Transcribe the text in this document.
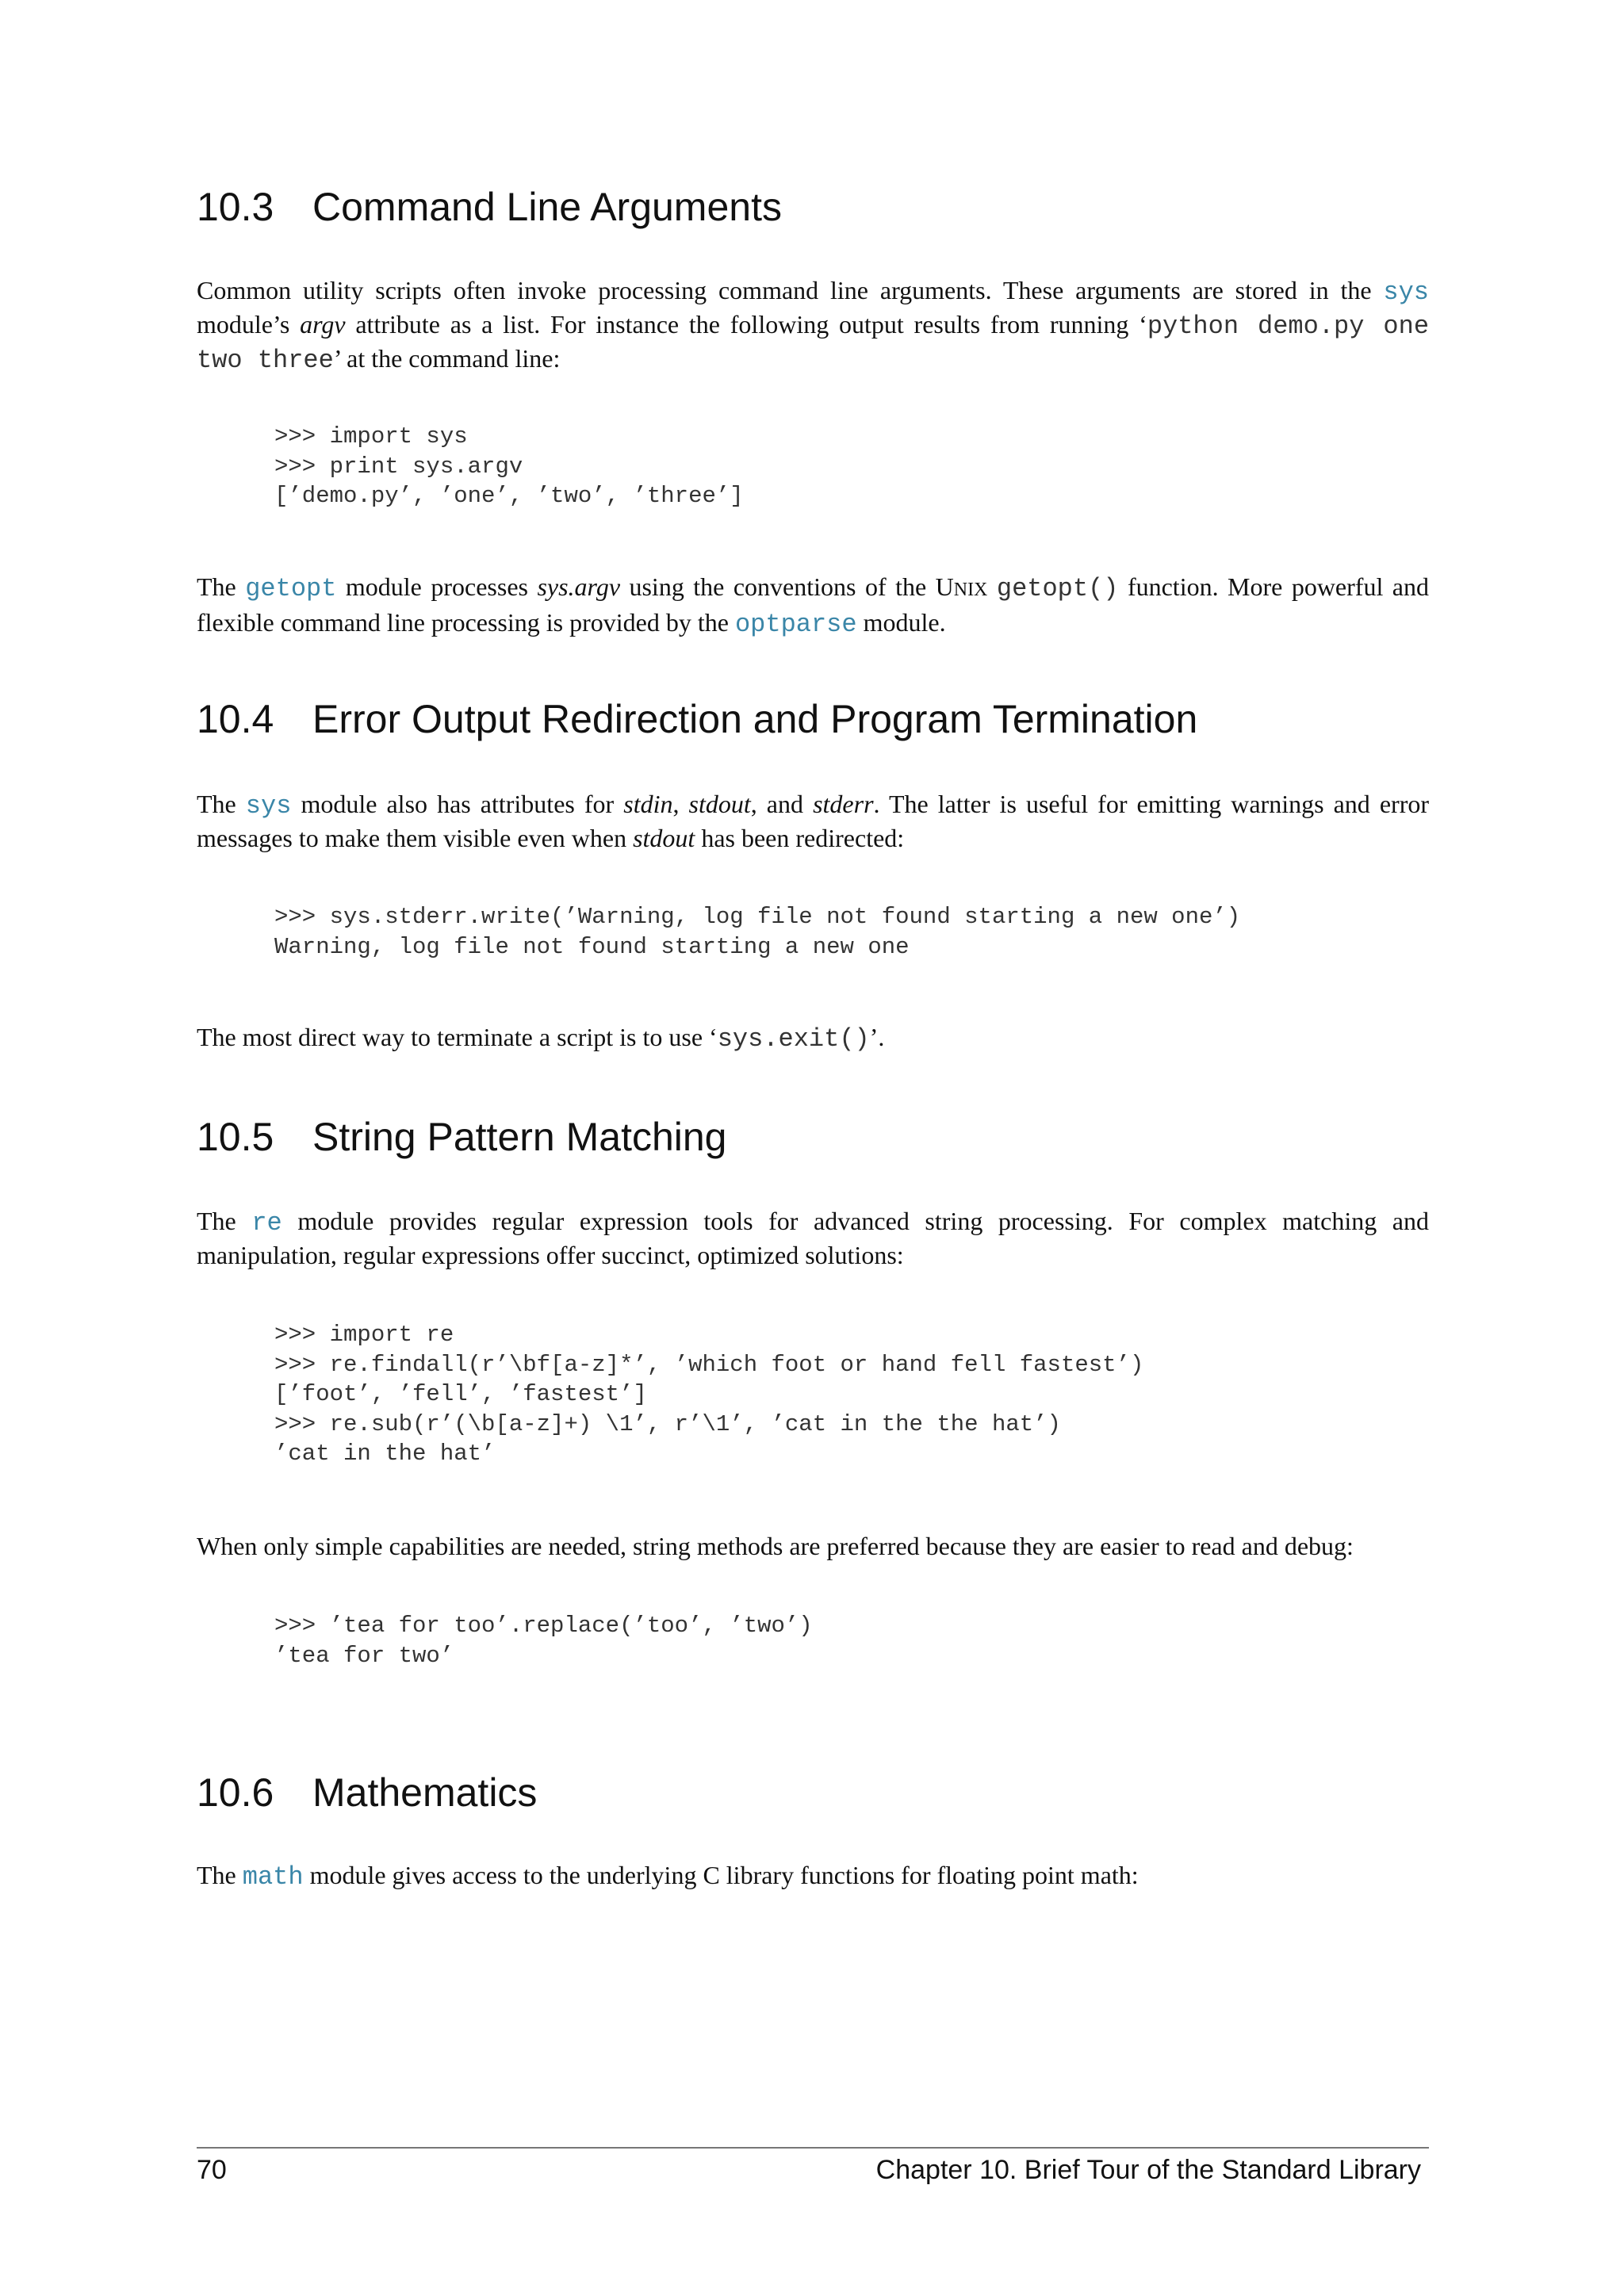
10.3 Command Line Arguments

Common utility scripts often invoke processing command line arguments. These arguments are stored in the sys module’s argv attribute as a list. For instance the following output results from running ‘python demo.py one two three’ at the command line:

>>> import sys
>>> print sys.argv
[’demo.py’, ’one’, ’two’, ’three’]

The getopt module processes sys.argv using the conventions of the UNIX getopt() function. More powerful and flexible command line processing is provided by the optparse module.

10.4 Error Output Redirection and Program Termination

The sys module also has attributes for stdin, stdout, and stderr. The latter is useful for emitting warnings and error messages to make them visible even when stdout has been redirected:

>>> sys.stderr.write(’Warning, log file not found starting a new one’)
Warning, log file not found starting a new one

The most direct way to terminate a script is to use ‘sys.exit()’.

10.5 String Pattern Matching

The re module provides regular expression tools for advanced string processing. For complex matching and manipulation, regular expressions offer succinct, optimized solutions:

>>> import re
>>> re.findall(r’\bf[a-z]*’, ’which foot or hand fell fastest’)
[’foot’, ’fell’, ’fastest’]
>>> re.sub(r’(\b[a-z]+) \1’, r’\1’, ’cat in the the hat’)
’cat in the hat’

When only simple capabilities are needed, string methods are preferred because they are easier to read and debug:

>>> ’tea for too’.replace(’too’, ’two’)
’tea for two’
10.6 Mathematics

The math module gives access to the underlying C library functions for floating point math:

70	Chapter 10. Brief Tour of the Standard Library
